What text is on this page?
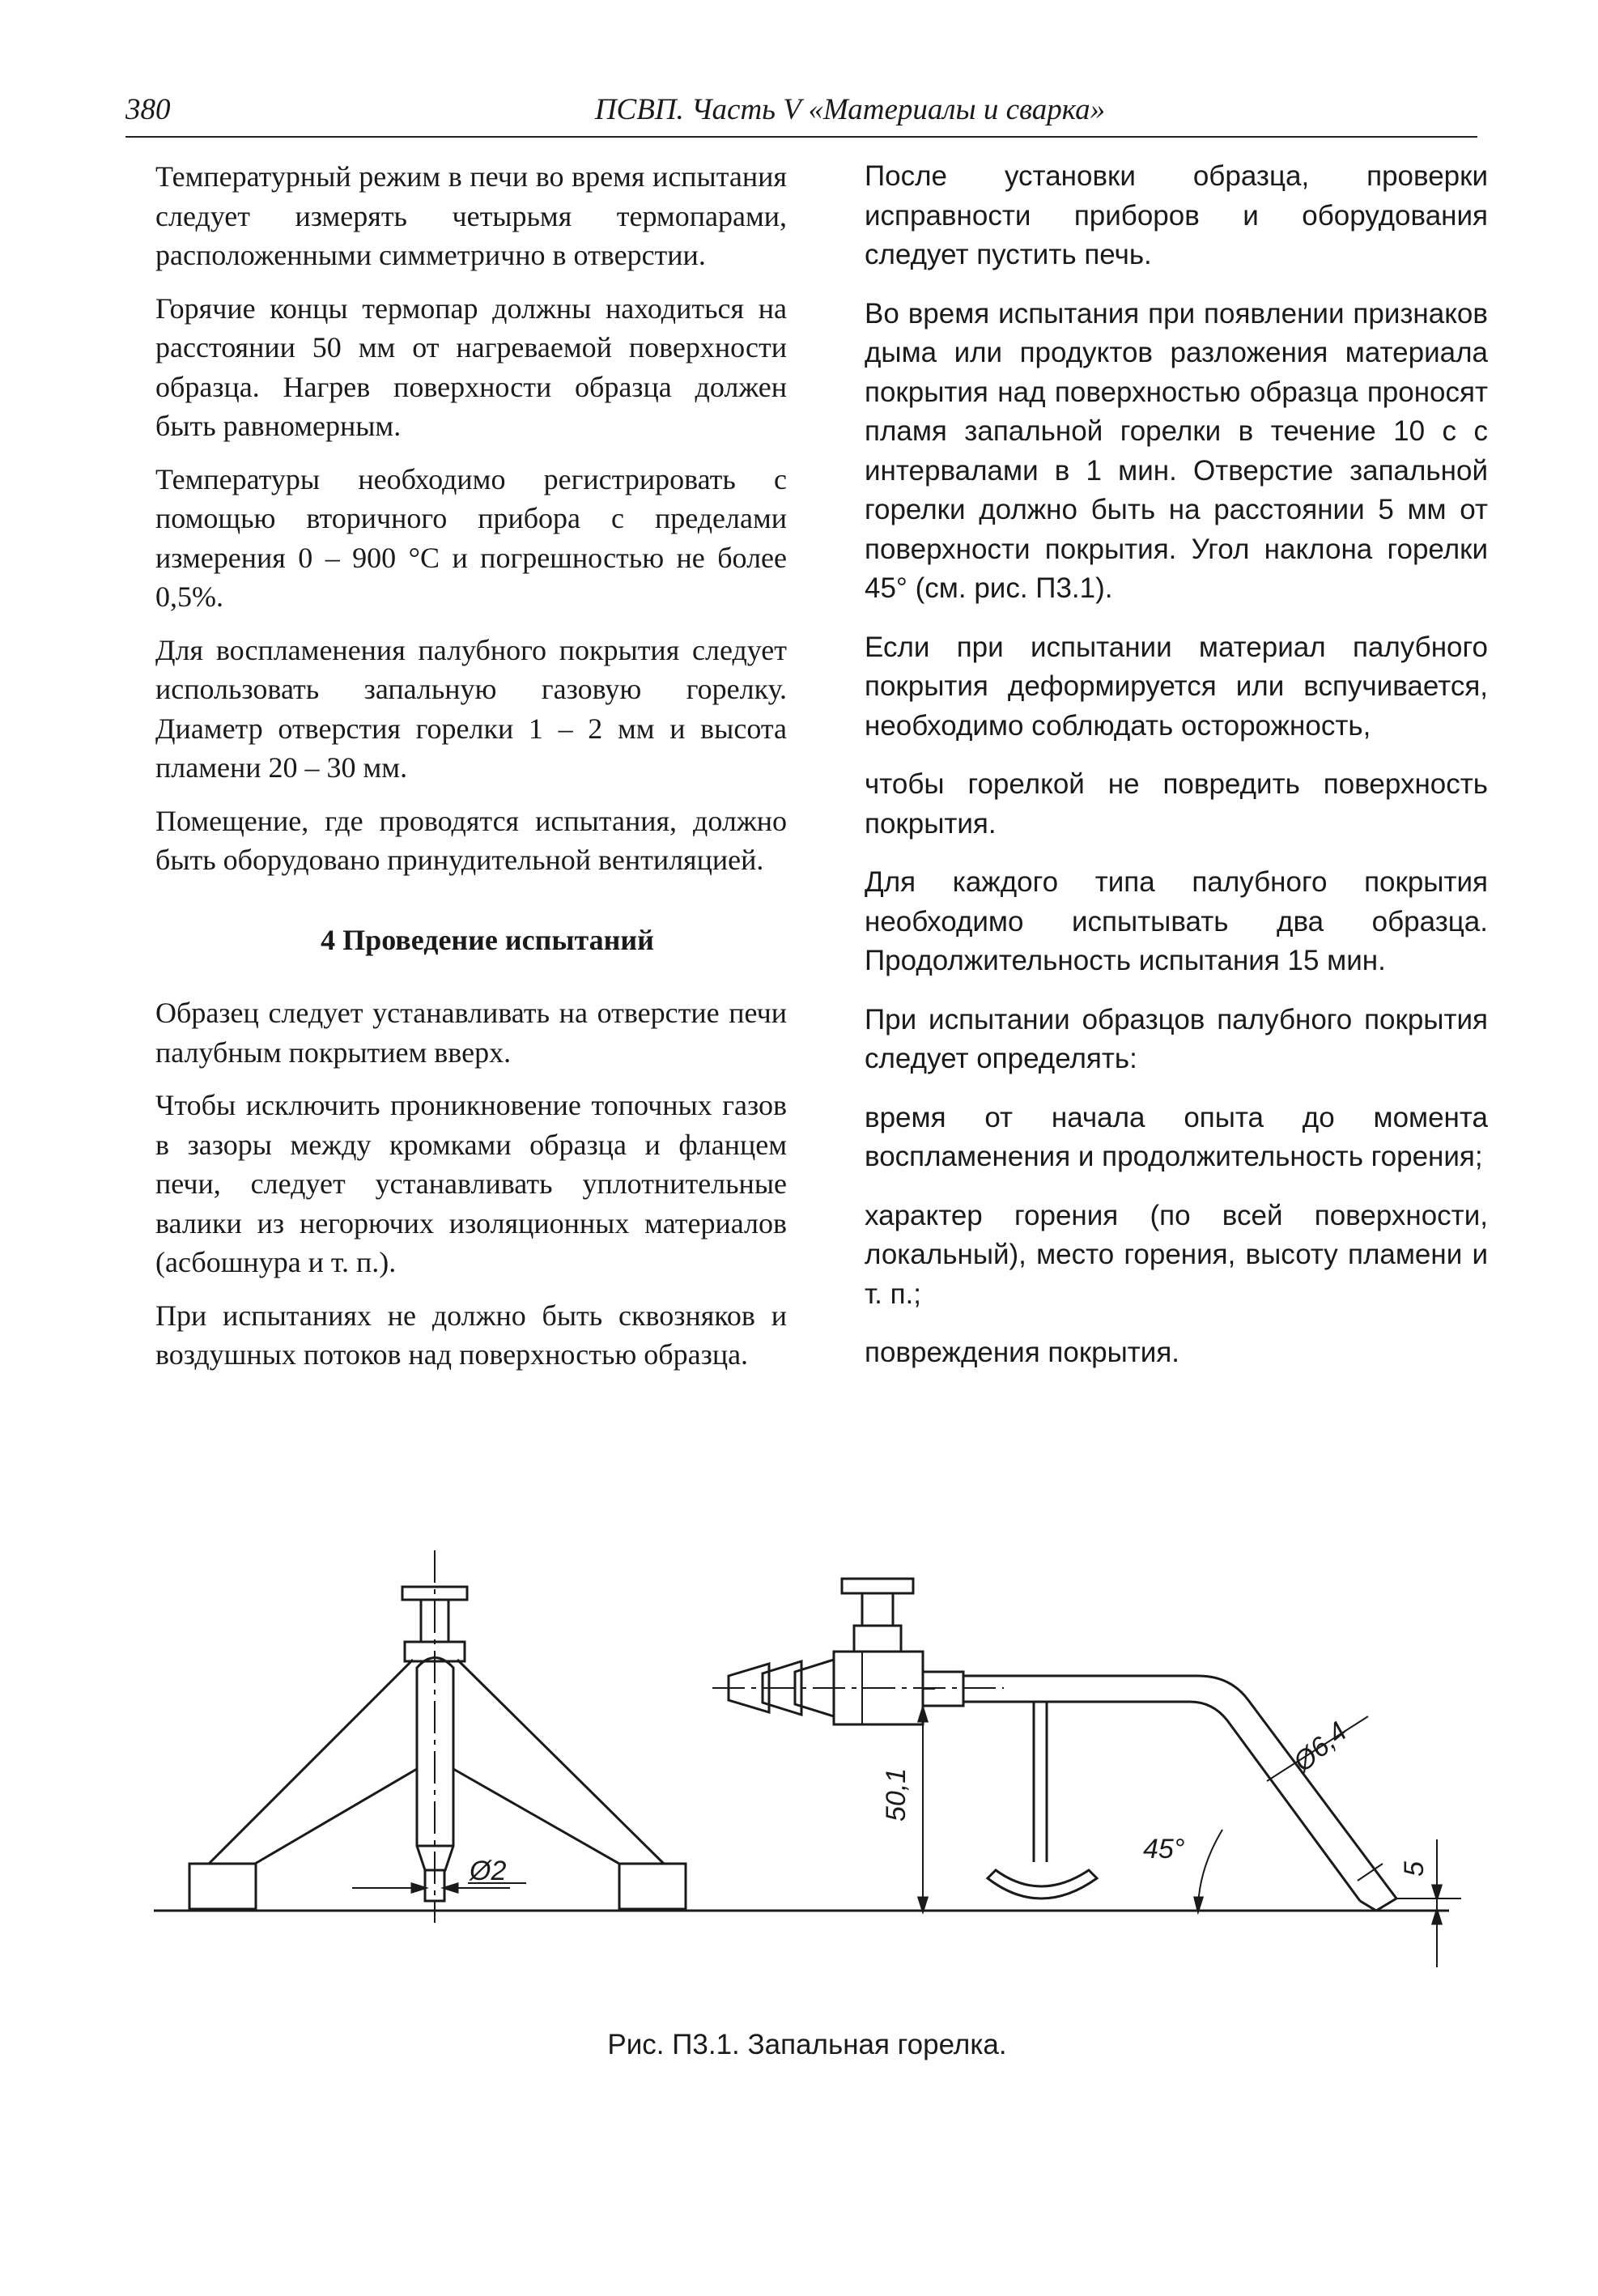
380	ПСВП. Часть V «Материалы и сварка»

Температурный режим в печи во время испытания следует измерять четырьмя термопарами, расположенными симметрично в отверстии.

Горячие концы термопар должны находиться на расстоянии 50 мм от нагреваемой поверхности образца. Нагрев поверхности образца должен быть равномерным.

Температуры необходимо регистрировать с помощью вторичного прибора с пределами измерения 0 – 900 °С и погрешностью не более 0,5%.

Для воспламенения палубного покрытия следует использовать запальную газовую горелку. Диаметр отверстия горелки 1 – 2 мм и высота пламени 20 – 30 мм.

Помещение, где проводятся испытания, должно быть оборудовано принудительной вентиляцией.

4 Проведение испытаний

Образец следует устанавливать на отверстие печи палубным покрытием вверх.

Чтобы исключить проникновение топочных газов в зазоры между кромками образца и фланцем печи, следует устанавливать уплотнительные валики из негорючих изоляционных материалов (асбошнура и т. п.).

При испытаниях не должно быть сквозняков и воздушных потоков над поверхностью образца.

После установки образца, проверки исправности приборов и оборудования следует пустить печь.

Во время испытания при появлении признаков дыма или продуктов разложения материала покрытия над поверхностью образца проносят пламя запальной горелки в течение 10 с с интервалами в 1 мин. Отверстие запальной горелки должно быть на расстоянии 5 мм от поверхности покрытия. Угол наклона горелки 45° (см. рис. П3.1).

Если при испытании материал палубного покрытия деформируется или вспучивается, необходимо соблюдать осторожность,

чтобы горелкой не повредить поверхность покрытия.

Для каждого типа палубного покрытия необходимо испытывать два образца. Продолжительность испытания 15 мин.

При испытании образцов палубного покрытия следует определять:

время от начала опыта до момента воспламенения и продолжительность горения;

характер горения (по всей поверхности, локальный), место горения, высоту пламени и т. п.;

повреждения покрытия.

Ø2
50,1
Ø6,4
45°
5
Рис. П3.1. Запальная горелка.
